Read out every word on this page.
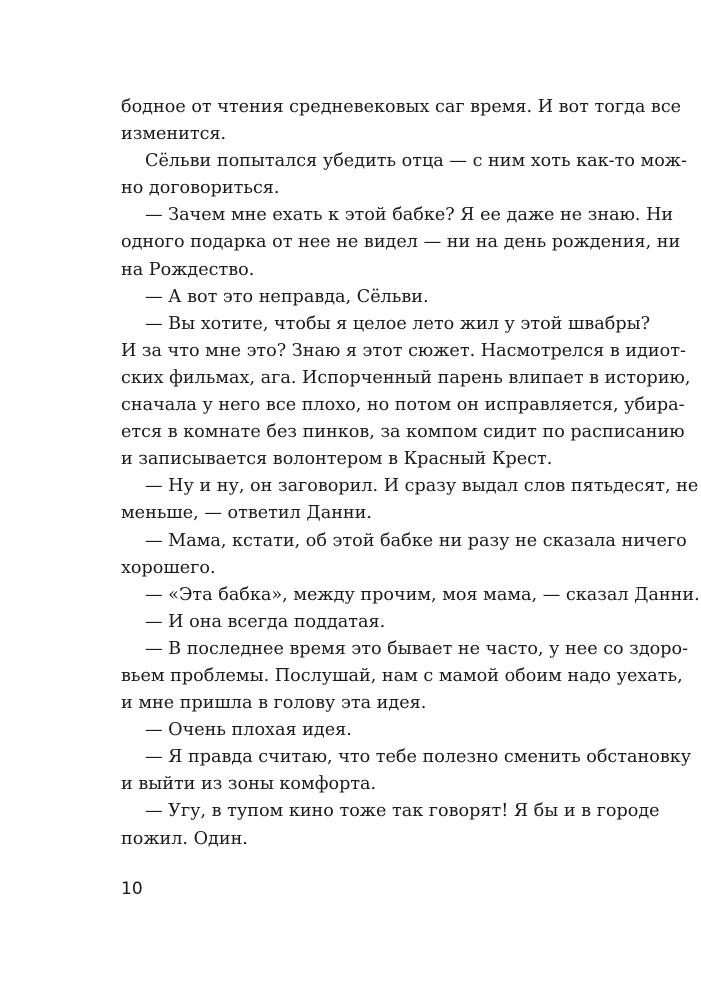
бодное от чтения средневековых саг время. И вот тогда все
изменится.
Сёльви попытался убедить отца — с ним хоть как-то мож-
но договориться.
— Зачем мне ехать к этой бабке? Я ее даже не знаю. Ни
одного подарка от нее не видел — ни на день рождения, ни
на Рождество.
— А вот это неправда, Сёльви.
— Вы хотите, чтобы я целое лето жил у этой швабры?
И за что мне это? Знаю я этот сюжет. Насмотрелся в идиот-
ских фильмах, ага. Испорченный парень влипает в историю,
сначала у него все плохо, но потом он исправляется, убира-
ется в комнате без пинков, за компом сидит по расписанию
и записывается волонтером в Красный Крест.
— Ну и ну, он заговорил. И сразу выдал слов пятьдесят, не
меньше, — ответил Данни.
— Мама, кстати, об этой бабке ни разу не сказала ничего
хорошего.
— «Эта бабка», между прочим, моя мама, — сказал Данни.
— И она всегда поддатая.
— В последнее время это бывает не часто, у нее со здоро-
вьем проблемы. Послушай, нам с мамой обоим надо уехать,
и мне пришла в голову эта идея.
— Очень плохая идея.
— Я правда считаю, что тебе полезно сменить обстановку
и выйти из зоны комфорта.
— Угу, в тупом кино тоже так говорят! Я бы и в городе
пожил. Один.
10
